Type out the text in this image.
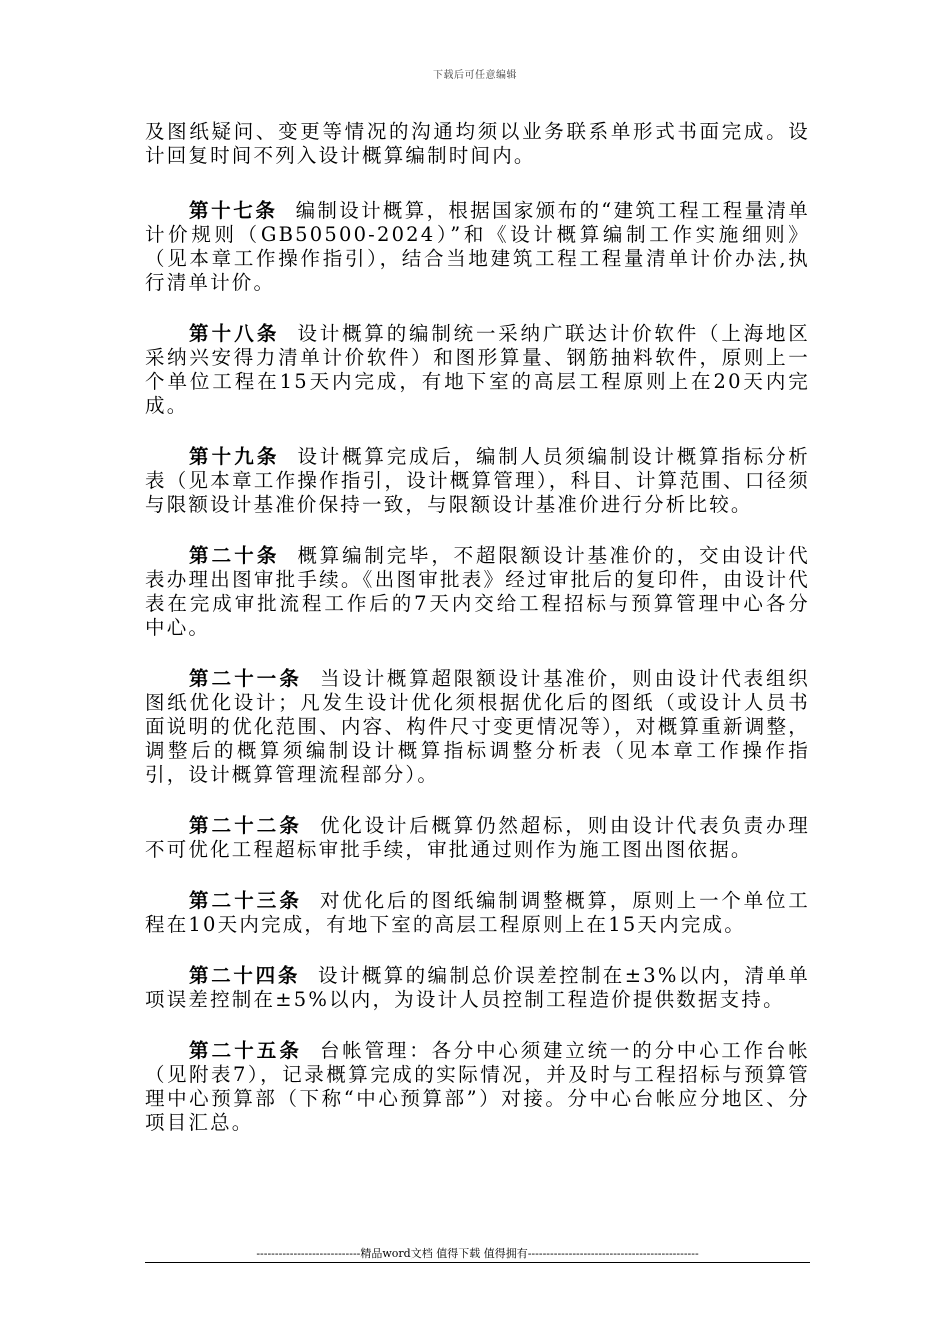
下载后可任意编辑

及图纸疑问、变更等情况的沟通均须以业务联系单形式书面完成。设计回复时间不列入设计概算编制时间内。

第十七条 编制设计概算，根据国家颁布的“建筑工程工程量清单计价规则（GB50500-2024）”和《设计概算编制工作实施细则》（见本章工作操作指引），结合当地建筑工程工程量清单计价办法,执行清单计价。

第十八条 设计概算的编制统一采纳广联达计价软件（上海地区采纳兴安得力清单计价软件）和图形算量、钢筋抽料软件，原则上一个单位工程在15天内完成，有地下室的高层工程原则上在20天内完成。

第十九条 设计概算完成后，编制人员须编制设计概算指标分析表（见本章工作操作指引，设计概算管理），科目、计算范围、口径须与限额设计基准价保持一致，与限额设计基准价进行分析比较。

第二十条 概算编制完毕，不超限额设计基准价的，交由设计代表办理出图审批手续。《出图审批表》经过审批后的复印件，由设计代表在完成审批流程工作后的7天内交给工程招标与预算管理中心各分中心。

第二十一条 当设计概算超限额设计基准价，则由设计代表组织图纸优化设计；凡发生设计优化须根据优化后的图纸（或设计人员书面说明的优化范围、内容、构件尺寸变更情况等），对概算重新调整，调整后的概算须编制设计概算指标调整分析表（见本章工作操作指引，设计概算管理流程部分）。

第二十二条 优化设计后概算仍然超标，则由设计代表负责办理不可优化工程超标审批手续，审批通过则作为施工图出图依据。

第二十三条 对优化后的图纸编制调整概算，原则上一个单位工程在10天内完成，有地下室的高层工程原则上在15天内完成。

第二十四条 设计概算的编制总价误差控制在±3%以内，清单单项误差控制在±5%以内，为设计人员控制工程造价提供数据支持。

第二十五条 台帐管理：各分中心须建立统一的分中心工作台帐（见附表7），记录概算完成的实际情况，并及时与工程招标与预算管理中心预算部（下称“中心预算部”）对接。分中心台帐应分地区、分项目汇总。

----------------------------精品word文档 值得下载 值得拥有----------------------------------------------
